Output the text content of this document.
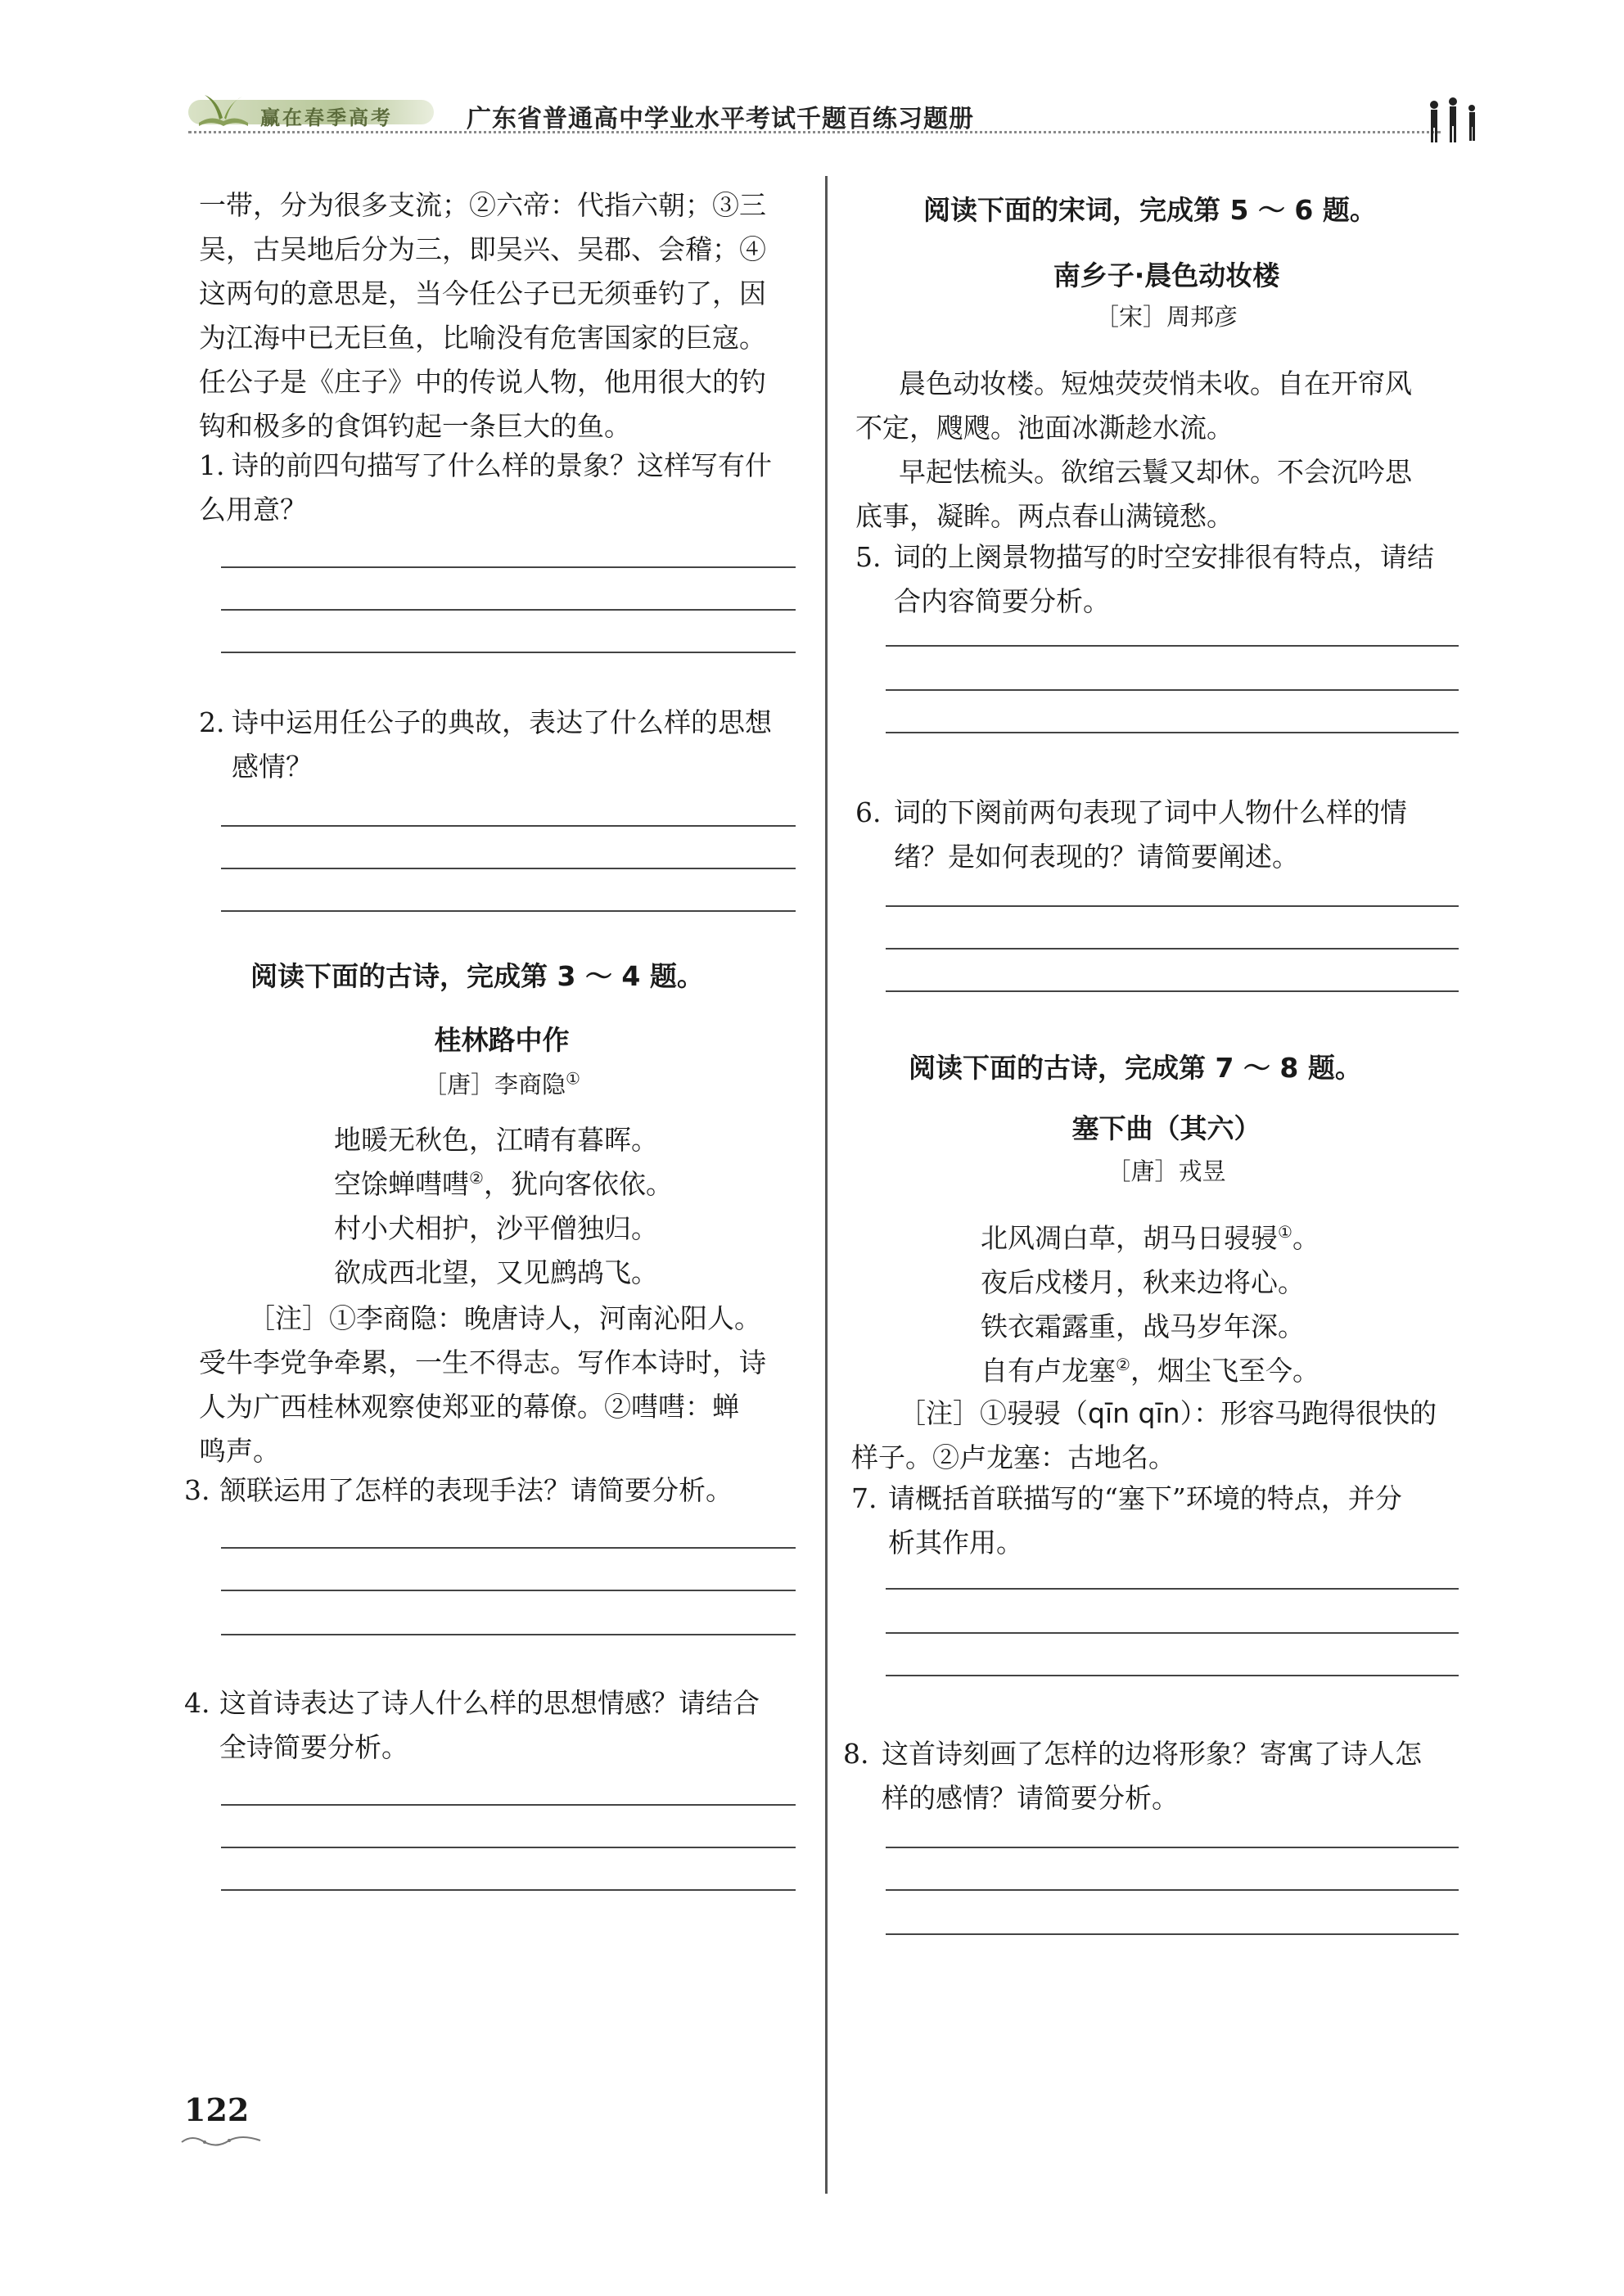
赢在春季高考	广东省普通高中学业水平考试千题百练习题册
一带，分为很多支流；②六帝：代指六朝；③三
吴，古吴地后分为三，即吴兴、吴郡、会稽；④
这两句的意思是，当今任公子已无须垂钓了，因
为江海中已无巨鱼，比喻没有危害国家的巨寇。
任公子是《庄子》中的传说人物，他用很大的钓
钩和极多的食饵钓起一条巨大的鱼。
1. 诗的前四句描写了什么样的景象？这样写有什
么用意？
2. 诗中运用任公子的典故，表达了什么样的思想
感情？
阅读下面的古诗，完成第 3 ～ 4 题。
桂林路中作
［唐］李商隐①
地暖无秋色，江晴有暮晖。
空馀蝉嘒嘒②，犹向客依依。
村小犬相护，沙平僧独归。
欲成西北望，又见鹧鸪飞。
［注］①李商隐：晚唐诗人，河南沁阳人。
受牛李党争牵累，一生不得志。写作本诗时，诗
人为广西桂林观察使郑亚的幕僚。②嘒嘒：蝉
鸣声。
3. 颔联运用了怎样的表现手法？请简要分析。
4. 这首诗表达了诗人什么样的思想情感？请结合
全诗简要分析。
阅读下面的宋词，完成第 5 ～ 6 题。
南乡子·晨色动妆楼
［宋］周邦彦
晨色动妆楼。短烛荧荧悄未收。自在开帘风
不定，飕飕。池面冰澌趁水流。
早起怯梳头。欲绾云鬟又却休。不会沉吟思
底事，凝眸。两点春山满镜愁。
5. 词的上阕景物描写的时空安排很有特点，请结
合内容简要分析。
6. 词的下阕前两句表现了词中人物什么样的情
绪？是如何表现的？请简要阐述。
阅读下面的古诗，完成第 7 ～ 8 题。
塞下曲（其六）
［唐］戎昱
北风凋白草，胡马日骎骎①。
夜后戍楼月，秋来边将心。
铁衣霜露重，战马岁年深。
自有卢龙塞②，烟尘飞至今。
［注］①骎骎（qīn qīn）：形容马跑得很快的
样子。②卢龙塞：古地名。
7. 请概括首联描写的“塞下”环境的特点，并分
析其作用。
8. 这首诗刻画了怎样的边将形象？寄寓了诗人怎
样的感情？请简要分析。
122
